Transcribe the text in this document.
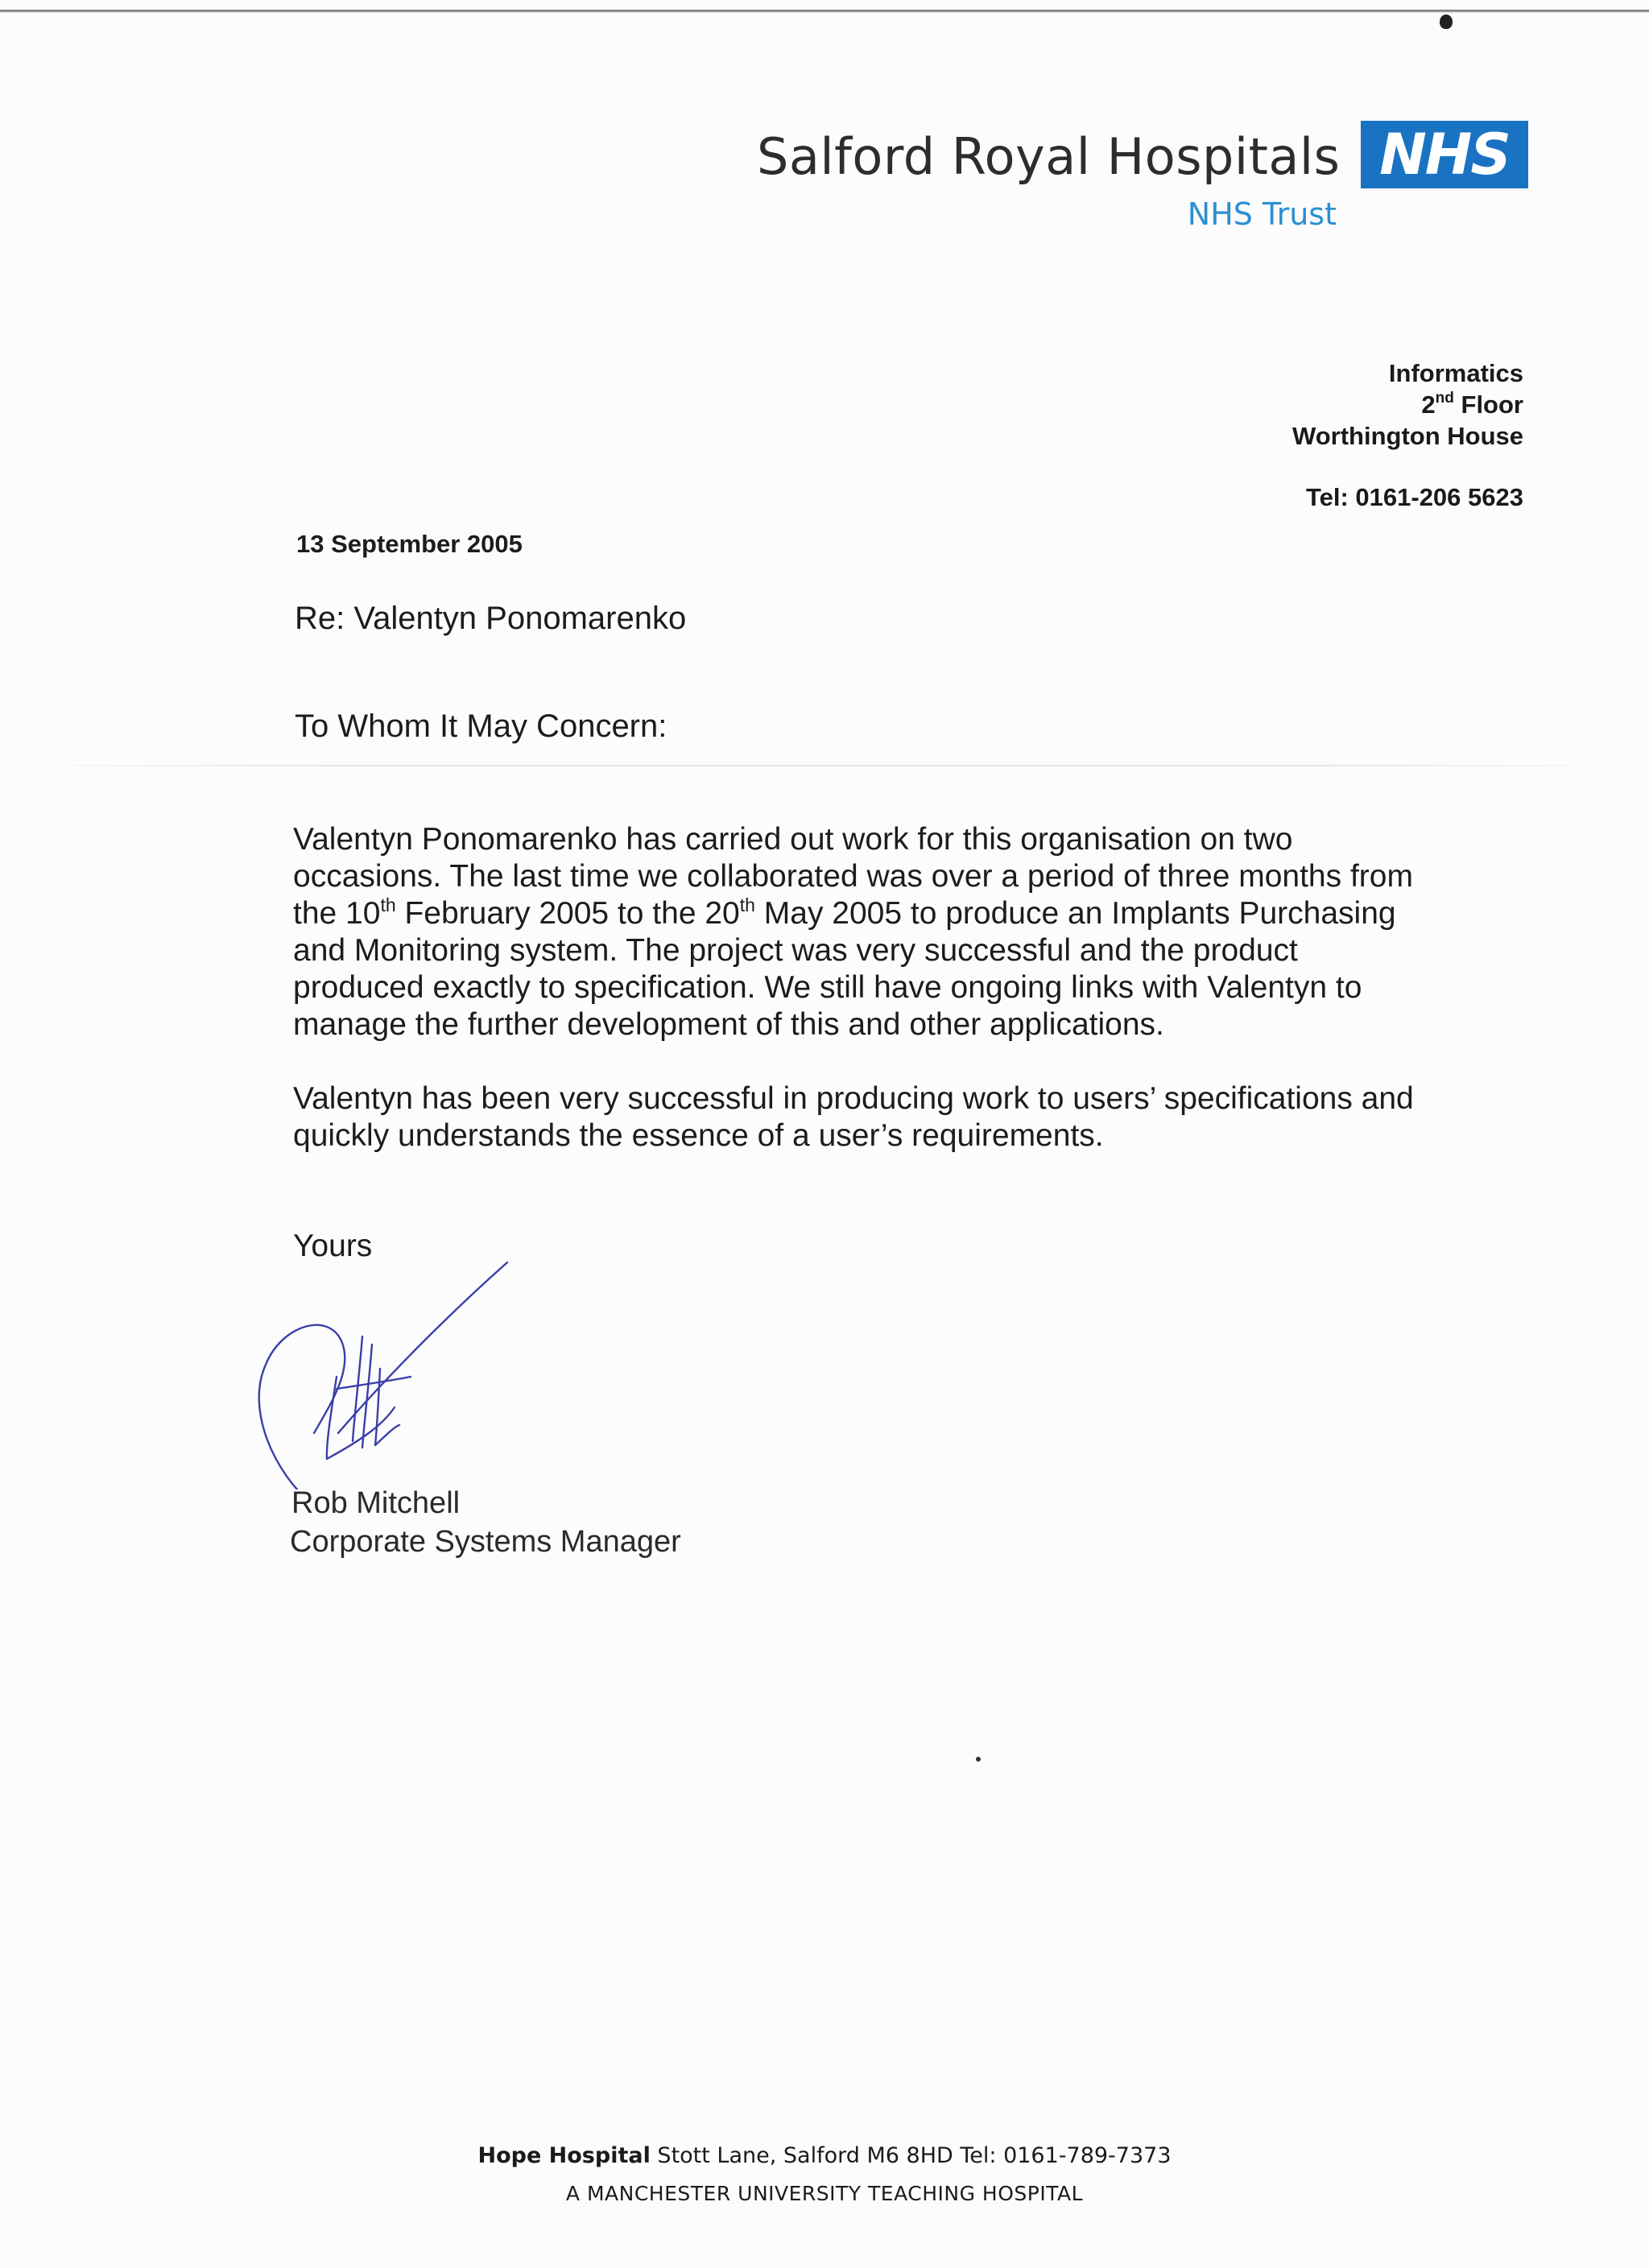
Salford Royal Hospitals NHS
NHS Trust
Informatics
2nd Floor
Worthington House
Tel: 0161-206 5623
13 September 2005
Re: Valentyn Ponomarenko
To Whom It May Concern:

Valentyn Ponomarenko has carried out work for this organisation on two occasions. The last time we collaborated was over a period of three months from the 10th February 2005 to the 20th May 2005 to produce an Implants Purchasing and Monitoring system. The project was very successful and the product produced exactly to specification. We still have ongoing links with Valentyn to manage the further development of this and other applications.

Valentyn has been very successful in producing work to users’ specifications and quickly understands the essence of a user’s requirements.

Yours
Rob Mitchell
Corporate Systems Manager
Hope Hospital Stott Lane, Salford M6 8HD Tel: 0161-789-7373
A MANCHESTER UNIVERSITY TEACHING HOSPITAL
